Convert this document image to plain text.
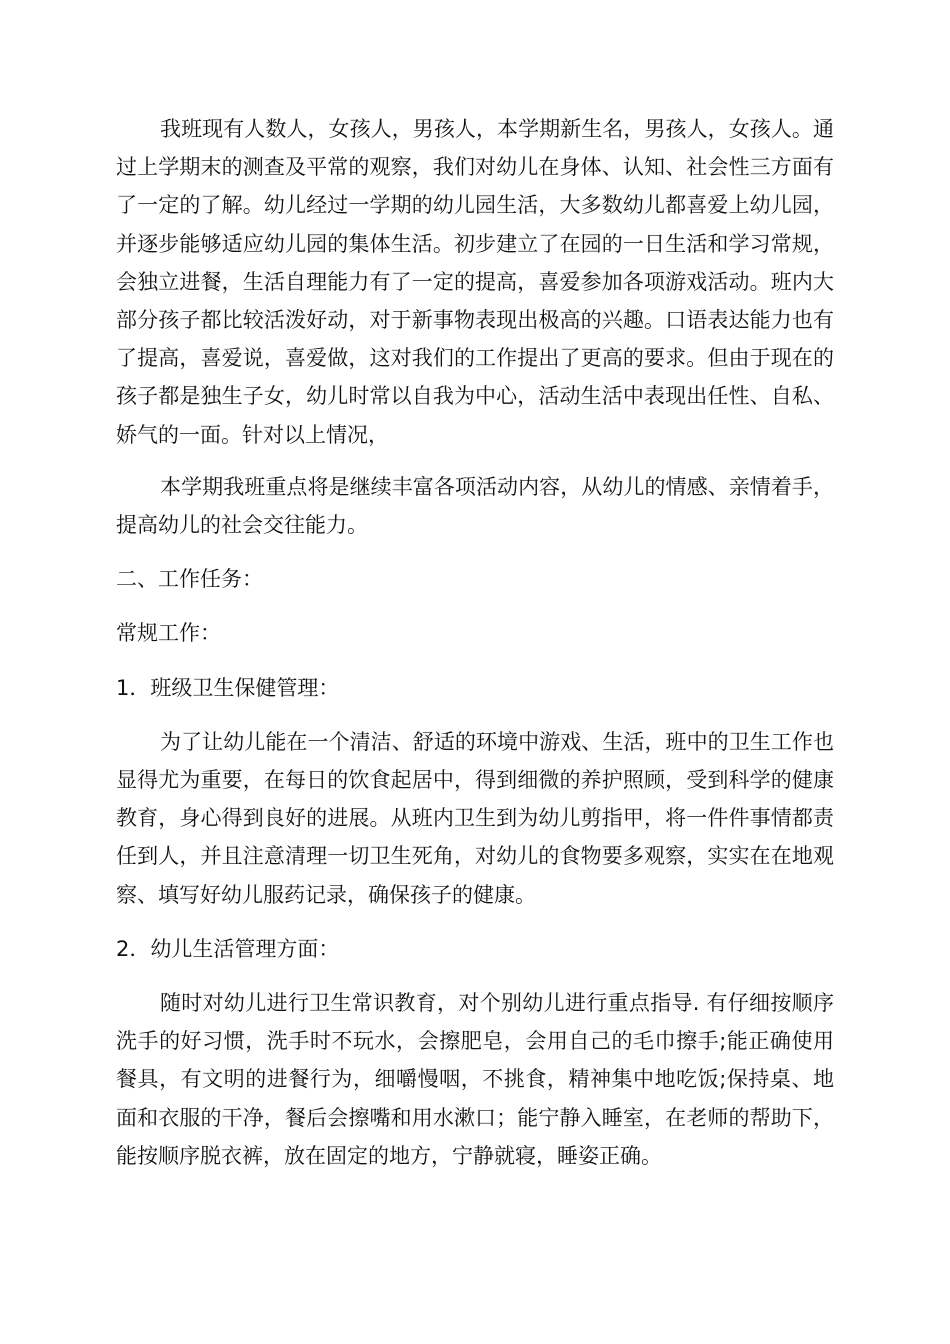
我班现有人数人，女孩人，男孩人，本学期新生名，男孩人，女孩人。通过上学期末的测查及平常的观察，我们对幼儿在身体、认知、社会性三方面有了一定的了解。幼儿经过一学期的幼儿园生活，大多数幼儿都喜爱上幼儿园，并逐步能够适应幼儿园的集体生活。初步建立了在园的一日生活和学习常规，会独立进餐，生活自理能力有了一定的提高，喜爱参加各项游戏活动。班内大部分孩子都比较活泼好动，对于新事物表现出极高的兴趣。口语表达能力也有了提高，喜爱说，喜爱做，这对我们的工作提出了更高的要求。但由于现在的孩子都是独生子女，幼儿时常以自我为中心，活动生活中表现出任性、自私、娇气的一面。针对以上情况，

本学期我班重点将是继续丰富各项活动内容，从幼儿的情感、亲情着手，提高幼儿的社会交往能力。

二、工作任务：

常规工作：

1．班级卫生保健管理：

为了让幼儿能在一个清洁、舒适的环境中游戏、生活，班中的卫生工作也显得尤为重要，在每日的饮食起居中，得到细微的养护照顾，受到科学的健康教育，身心得到良好的进展。从班内卫生到为幼儿剪指甲，将一件件事情都责任到人，并且注意清理一切卫生死角，对幼儿的食物要多观察，实实在在地观察、填写好幼儿服药记录，确保孩子的健康。

2．幼儿生活管理方面：

随时对幼儿进行卫生常识教育，对个别幼儿进行重点指导. 有仔细按顺序洗手的好习惯，洗手时不玩水，会擦肥皂，会用自己的毛巾擦手;能正确使用餐具，有文明的进餐行为，细嚼慢咽，不挑食，精神集中地吃饭;保持桌、地面和衣服的干净，餐后会擦嘴和用水漱口；能宁静入睡室，在老师的帮助下，能按顺序脱衣裤，放在固定的地方，宁静就寝，睡姿正确。
